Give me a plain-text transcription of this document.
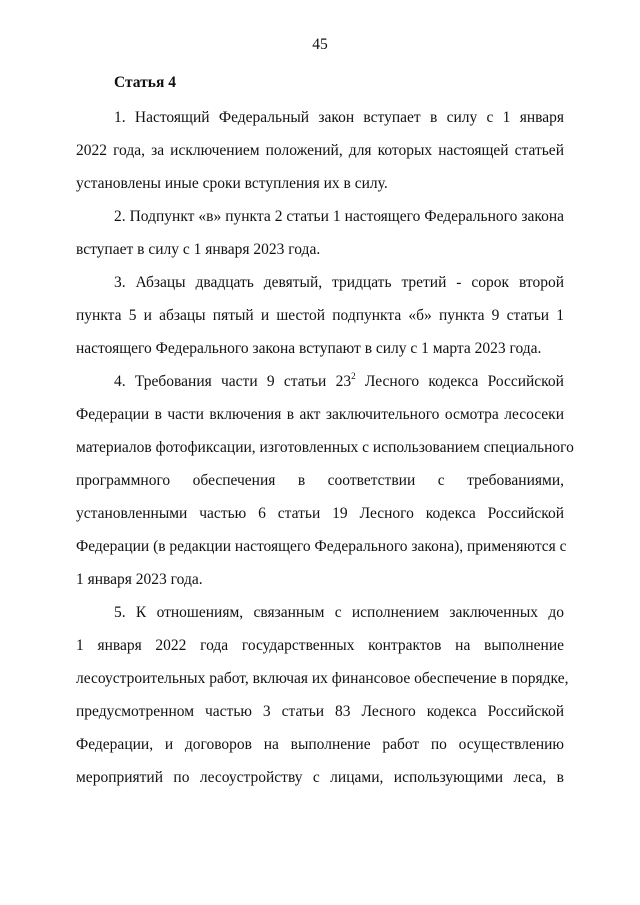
45
Статья 4
1. Настоящий Федеральный закон вступает в силу с 1 января
2022 года, за исключением положений, для которых настоящей статьей
установлены иные сроки вступления их в силу.
2. Подпункт «в» пункта 2 статьи 1 настоящего Федерального закона
вступает в силу с 1 января 2023 года.
3. Абзацы двадцать девятый, тридцать третий - сорок второй
пункта 5 и абзацы пятый и шестой подпункта «б» пункта 9 статьи 1
настоящего Федерального закона вступают в силу с 1 марта 2023 года.
4. Требования части 9 статьи $23^2$ Лесного кодекса Российской
Федерации в части включения в акт заключительного осмотра лесосеки
материалов фотофиксации, изготовленных с использованием специального
программного обеспечения в соответствии с требованиями,
установленными частью 6 статьи 19 Лесного кодекса Российской
Федерации (в редакции настоящего Федерального закона), применяются с
1 января 2023 года.
5. К отношениям, связанным с исполнением заключенных до
1 января 2022 года государственных контрактов на выполнение
лесоустроительных работ, включая их финансовое обеспечение в порядке,
предусмотренном частью 3 статьи 83 Лесного кодекса Российской
Федерации, и договоров на выполнение работ по осуществлению
мероприятий по лесоустройству с лицами, использующими леса, в
